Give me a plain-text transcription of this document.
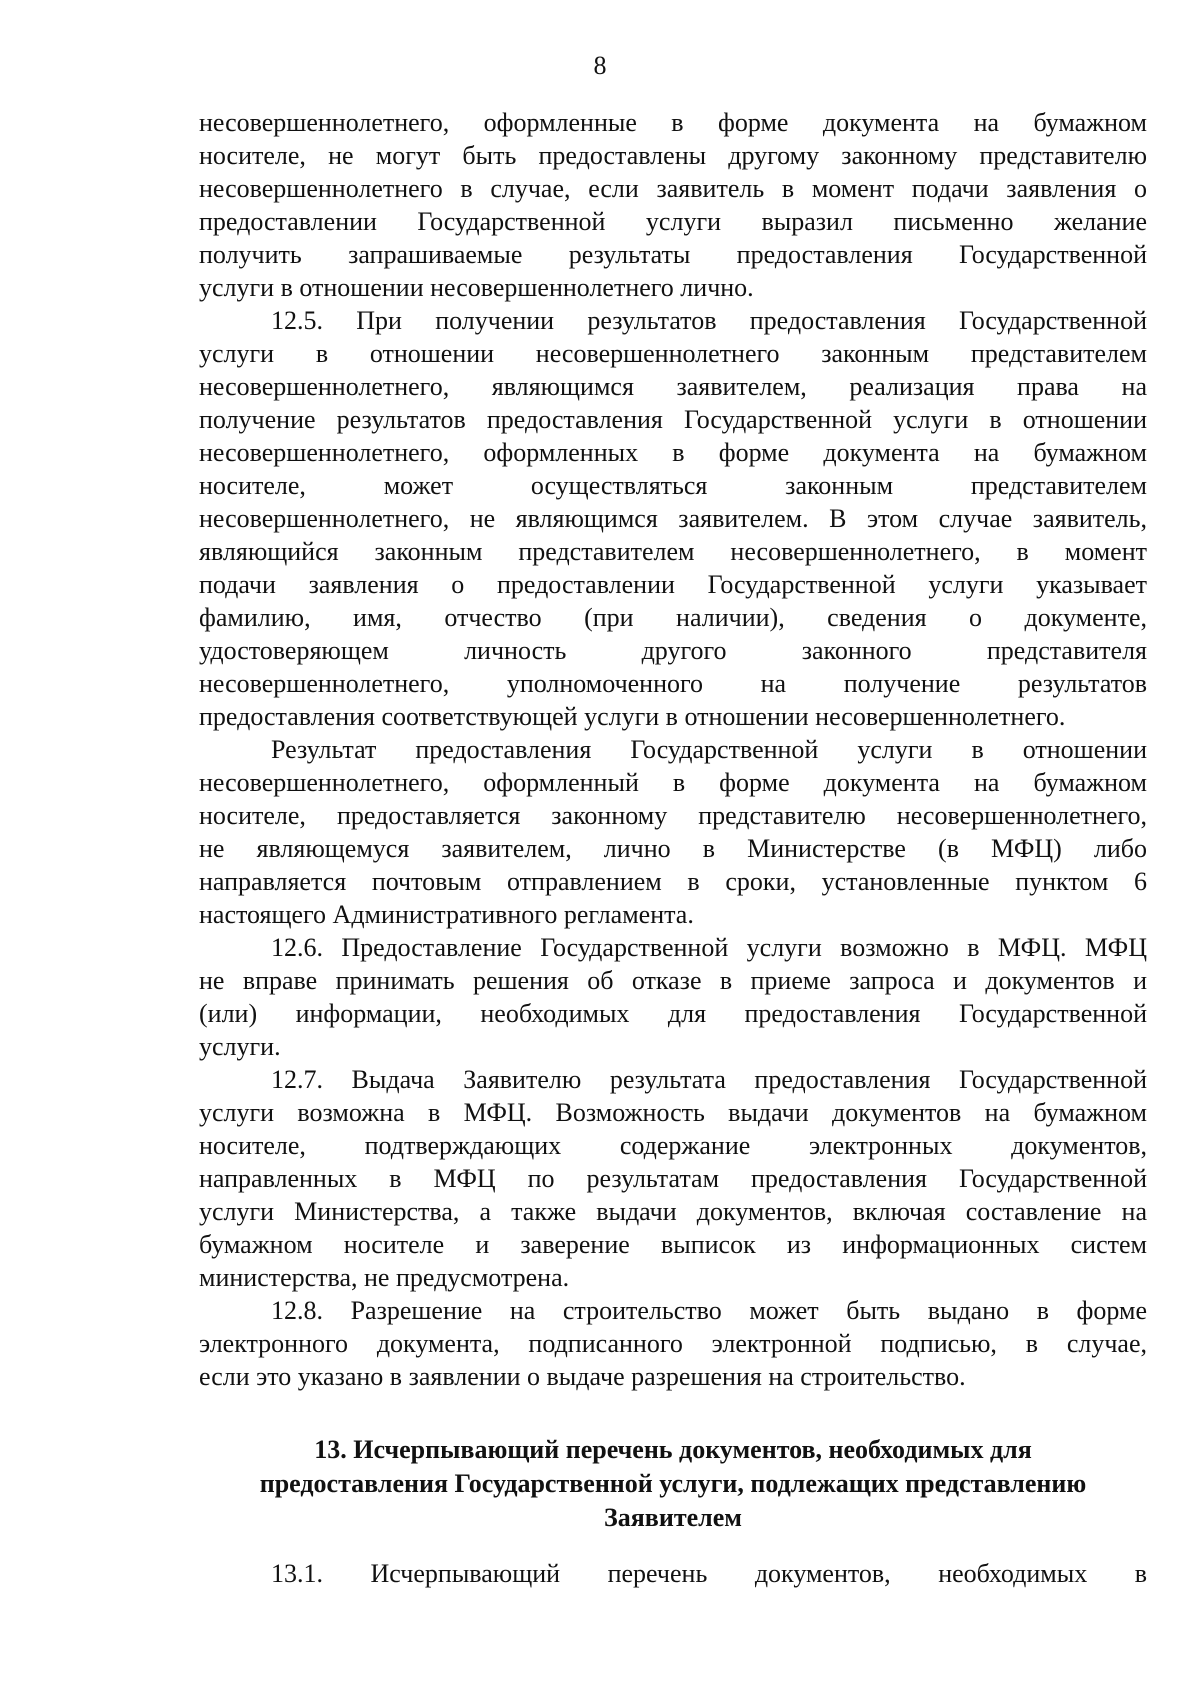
8

несовершеннолетнего, оформленные в форме документа на бумажном
носителе, не могут быть предоставлены другому законному представителю
несовершеннолетнего в случае, если заявитель в момент подачи заявления о
предоставлении Государственной услуги выразил письменно желание
получить запрашиваемые результаты предоставления Государственной
услуги в отношении несовершеннолетнего лично.

12.5. При получении результатов предоставления Государственной
услуги в отношении несовершеннолетнего законным представителем
несовершеннолетнего, являющимся заявителем, реализация права на
получение результатов предоставления Государственной услуги в отношении
несовершеннолетнего, оформленных в форме документа на бумажном
носителе, может осуществляться законным представителем
несовершеннолетнего, не являющимся заявителем. В этом случае заявитель,
являющийся законным представителем несовершеннолетнего, в момент
подачи заявления о предоставлении Государственной услуги указывает
фамилию, имя, отчество (при наличии), сведения о документе,
удостоверяющем личность другого законного представителя
несовершеннолетнего, уполномоченного на получение результатов
предоставления соответствующей услуги в отношении несовершеннолетнего.

Результат предоставления Государственной услуги в отношении
несовершеннолетнего, оформленный в форме документа на бумажном
носителе, предоставляется законному представителю несовершеннолетнего,
не являющемуся заявителем, лично в Министерстве (в МФЦ) либо
направляется почтовым отправлением в сроки, установленные пунктом 6
настоящего Административного регламента.

12.6. Предоставление Государственной услуги возможно в МФЦ. МФЦ
не вправе принимать решения об отказе в приеме запроса и документов и
(или) информации, необходимых для предоставления Государственной
услуги.

12.7. Выдача Заявителю результата предоставления Государственной
услуги возможна в МФЦ. Возможность выдачи документов на бумажном
носителе, подтверждающих содержание электронных документов,
направленных в МФЦ по результатам предоставления Государственной
услуги Министерства, а также выдачи документов, включая составление на
бумажном носителе и заверение выписок из информационных систем
министерства, не предусмотрена.

12.8. Разрешение на строительство может быть выдано в форме
электронного документа, подписанного электронной подписью, в случае,
если это указано в заявлении о выдаче разрешения на строительство.

13. Исчерпывающий перечень документов, необходимых для
предоставления Государственной услуги, подлежащих представлению
Заявителем

13.1. Исчерпывающий перечень документов, необходимых в
